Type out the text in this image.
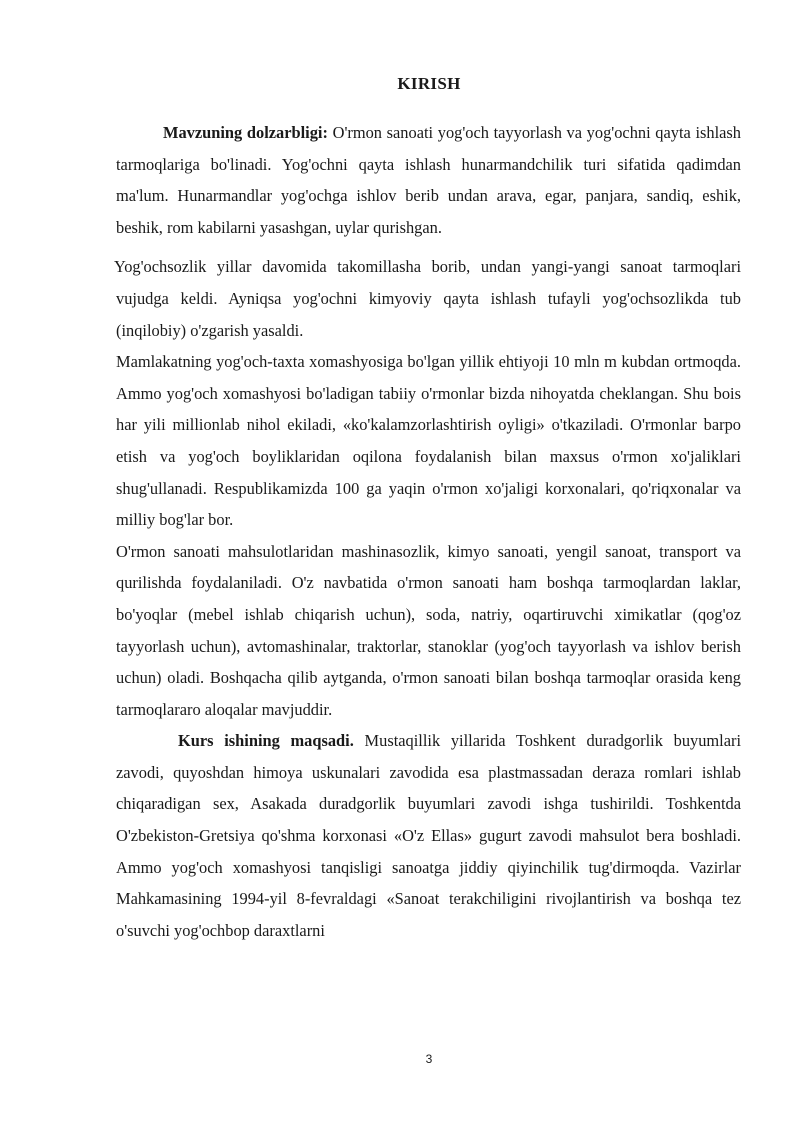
KIRISH

Mavzuning dolzarbligi: O'rmon sanoati yog'och tayyorlash va yog'ochni qayta ishlash tarmoqlariga bo'linadi. Yog'ochni qayta ishlash hunarmandchilik turi sifatida qadimdan ma'lum. Hunarmandlar yog'ochga ishlov berib undan arava, egar, panjara, sandiq, eshik, beshik, rom kabilarni yasashgan, uylar qurishgan.

Yog'ochsozlik yillar davomida takomillasha borib, undan yangi-yangi sanoat tarmoqlari vujudga keldi. Ayniqsa yog'ochni kimyoviy qayta ishlash tufayli yog'ochsozlikda tub (inqilobiy) o'zgarish yasaldi.

Mamlakatning yog'och-taxta xomashyosiga bo'lgan yillik ehtiyoji 10 mln m kubdan ortmoqda. Ammo yog'och xomashyosi bo'ladigan tabiiy o'rmonlar bizda nihoyatda cheklangan. Shu bois har yili millionlab nihol ekiladi, «ko'kalamzorlashtirish oyligi» o'tkaziladi. O'rmonlar barpo etish va yog'och boyliklaridan oqilona foydalanish bilan maxsus o'rmon xo'jaliklari shug'ullanadi. Respublikamizda 100 ga yaqin o'rmon xo'jaligi korxonalari, qo'riqxonalar va milliy bog'lar bor.

O'rmon sanoati mahsulotlaridan mashinasozlik, kimyo sanoati, yengil sanoat, transport va qurilishda foydalaniladi. O'z navbatida o'rmon sanoati ham boshqa tarmoqlardan laklar, bo'yoqlar (mebel ishlab chiqarish uchun), soda, natriy, oqartiruvchi ximikatlar (qog'oz tayyorlash uchun), avtomashinalar, traktorlar, stanoklar (yog'och tayyorlash va ishlov berish uchun) oladi. Boshqacha qilib aytganda, o'rmon sanoati bilan boshqa tarmoqlar orasida keng tarmoqlararo aloqalar mavjuddir.

Kurs ishining maqsadi. Mustaqillik yillarida Toshkent duradgorlik buyumlari zavodi, quyoshdan himoya uskunalari zavodida esa plastmassadan deraza romlari ishlab chiqaradigan sex, Asakada duradgorlik buyumlari zavodi ishga tushirildi. Toshkentda O'zbekiston-Gretsiya qo'shma korxonasi «O'z Ellas» gugurt zavodi mahsulot bera boshladi. Ammo yog'och xomashyosi tanqisligi sanoatga jiddiy qiyinchilik tug'dirmoqda. Vazirlar Mahkamasining 1994-yil 8-fevraldagi «Sanoat terakchiligini rivojlantirish va boshqa tez o'suvchi yog'ochbop daraxtlarni

3
